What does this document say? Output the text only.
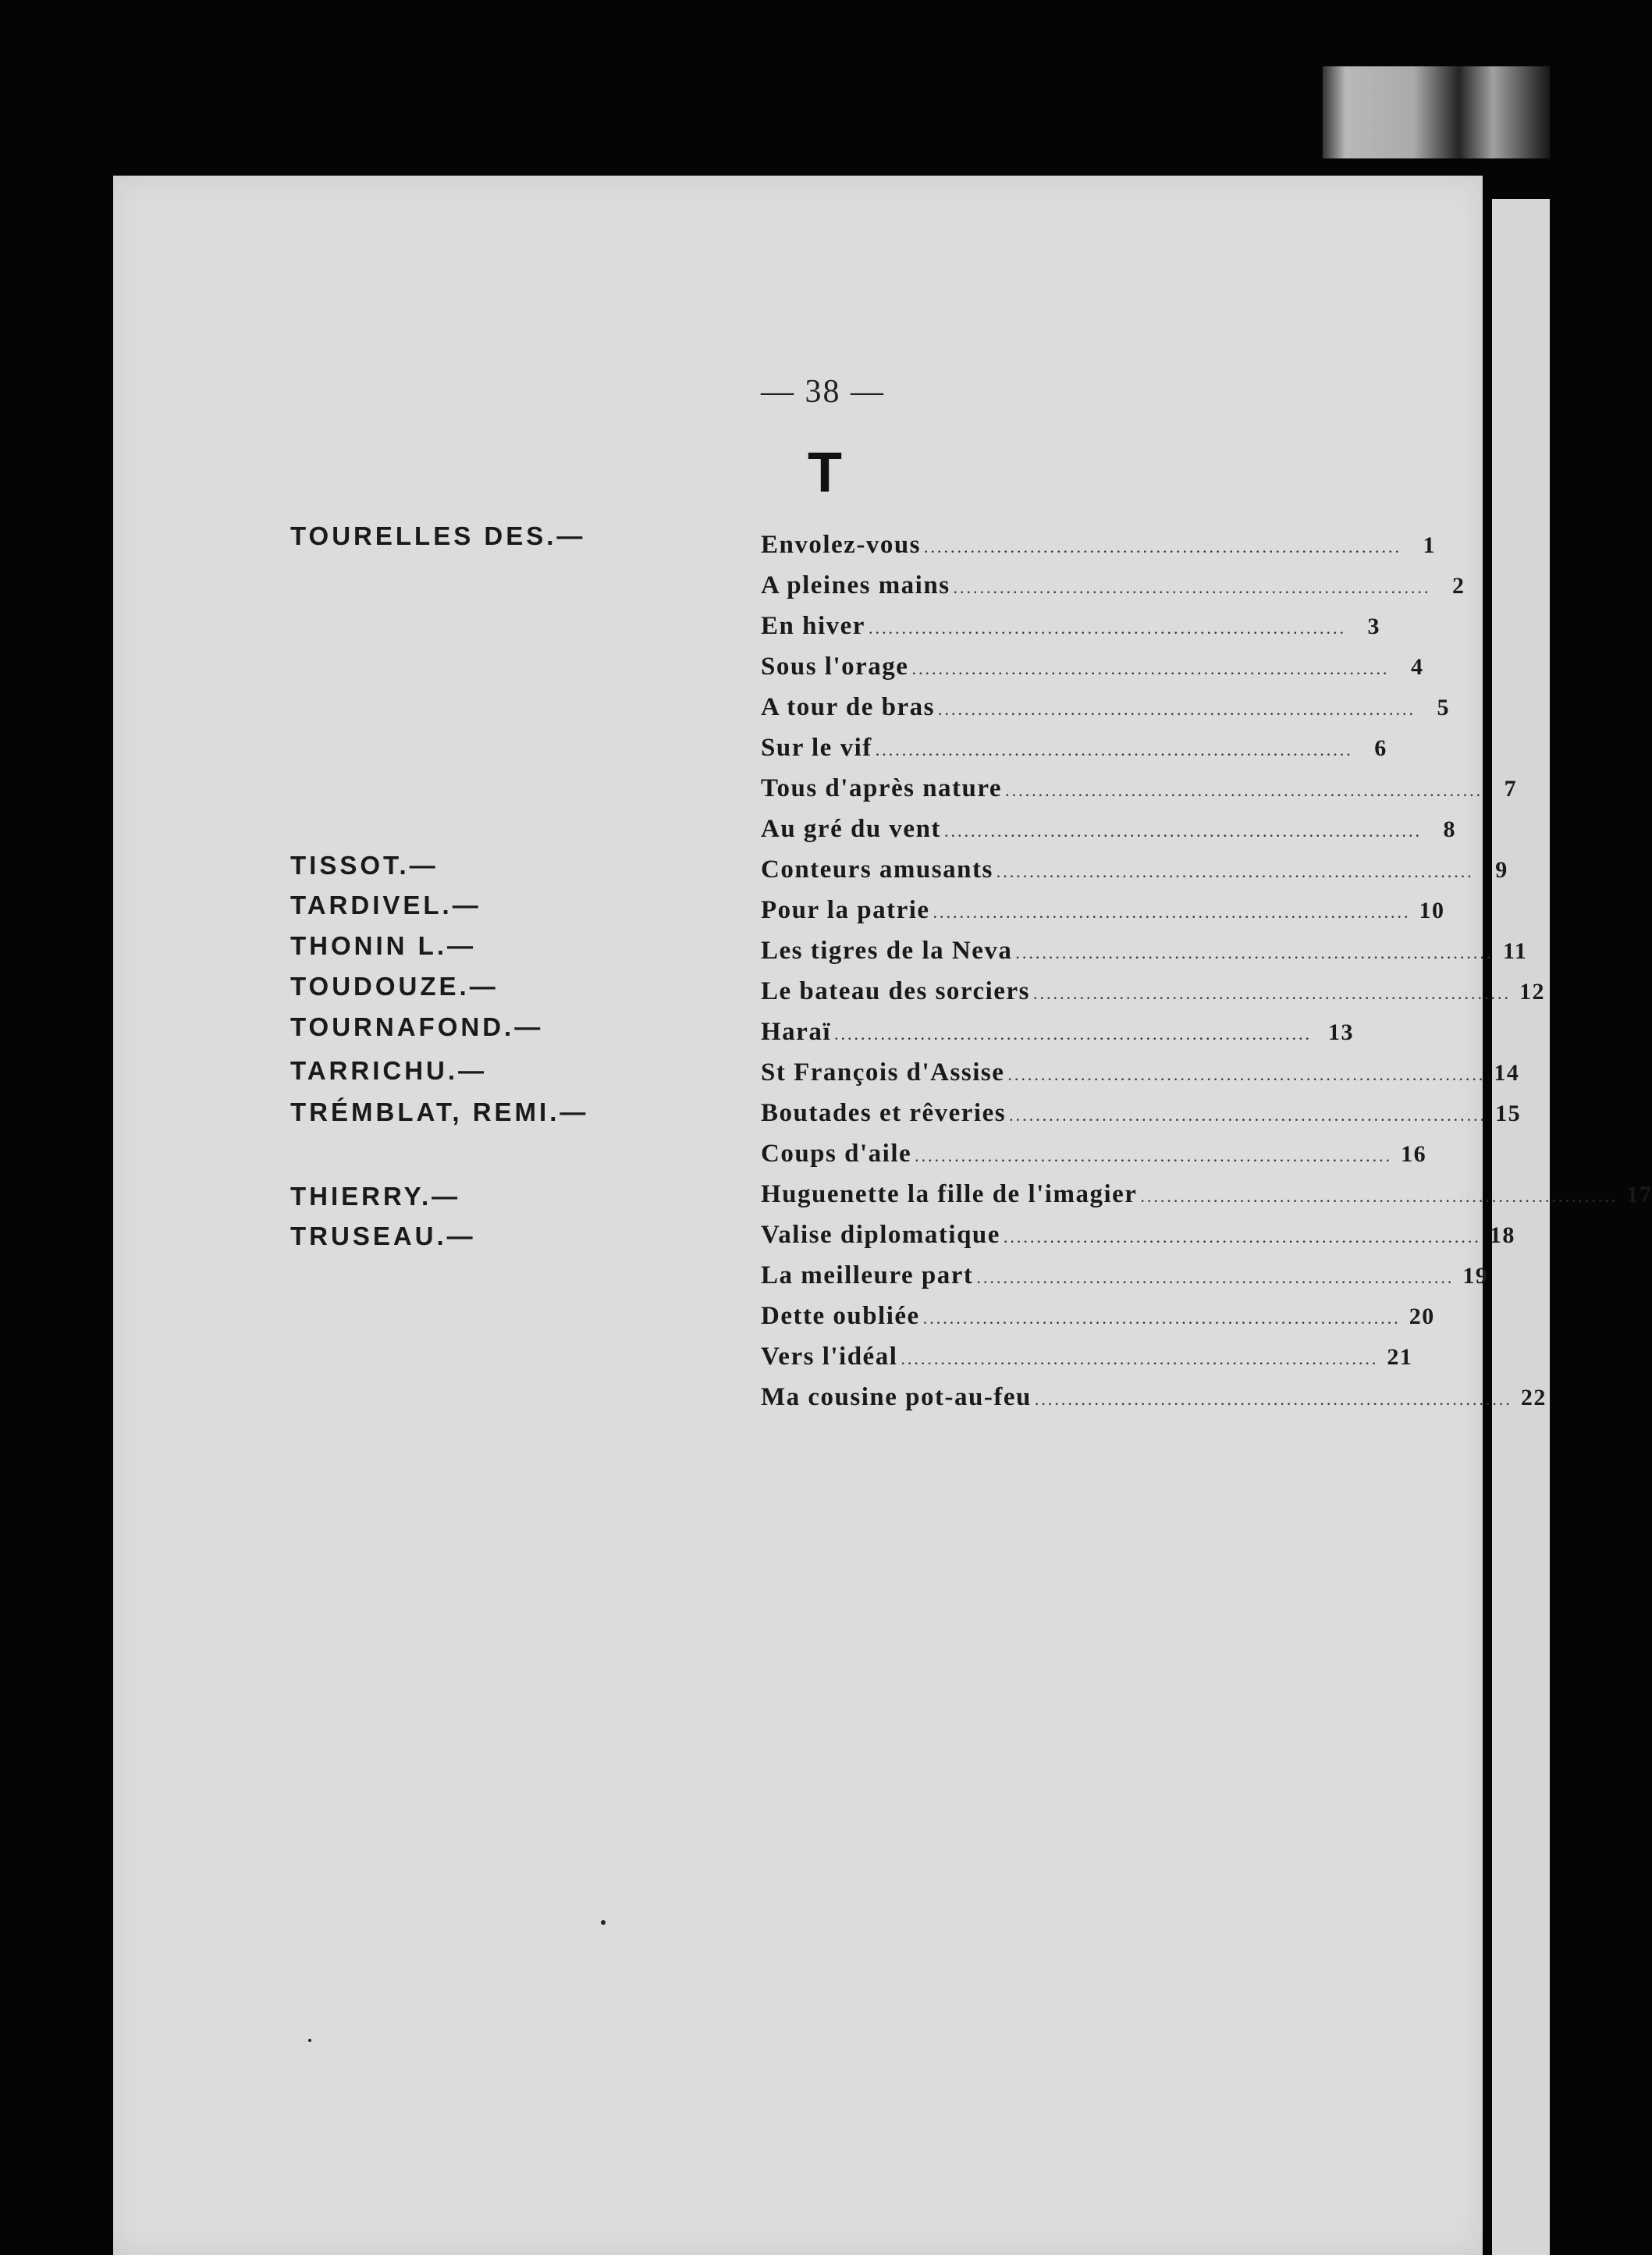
— 38 —
T
TOURELLES DES.—
TISSOT.—
TARDIVEL.—
THONIN L.—
TOUDOUZE.—
TOURNAFOND.—
TARRICHU.—
TRÉMBLAT, REMI.—
THIERRY.—
TRUSEAU.—
Envolez-vous ........................................................................ 1
A pleines mains ........................................................................ 2
En hiver ........................................................................ 3
Sous l'orage ........................................................................ 4
A tour de bras ........................................................................ 5
Sur le vif ........................................................................ 6
Tous d'après nature ........................................................................ 7
Au gré du vent ........................................................................ 8
Conteurs amusants ........................................................................ 9
Pour la patrie ........................................................................ 10
Les tigres de la Neva ........................................................................ 11
Le bateau des sorciers ........................................................................ 12
Haraï ........................................................................ 13
St François d'Assise ........................................................................ 14
Boutades et rêveries ........................................................................ 15
Coups d'aile ........................................................................ 16
Huguenette la fille de l'imagier ........................................................................ 17
Valise diplomatique ........................................................................ 18
La meilleure part ........................................................................ 19
Dette oubliée ........................................................................ 20
Vers l'idéal ........................................................................ 21
Ma cousine pot-au-feu ........................................................................ 22
